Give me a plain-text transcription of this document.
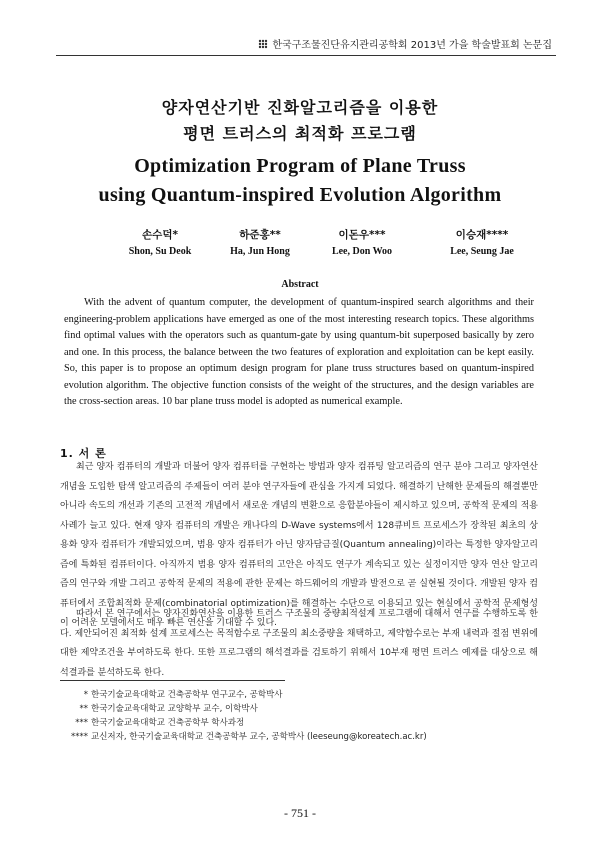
한국구조물진단유지관리공학회 2013년 가을 학술발표회 논문집
양자연산기반 진화알고리즘을 이용한
평면 트러스의 최적화 프로그램
Optimization Program of Plane Truss
using Quantum-inspired Evolution Algorithm
손수덕*
Shon, Su Deok
하준홍**
Ha, Jun Hong
이돈우***
Lee, Don Woo
이승재****
Lee, Seung Jae
Abstract
With the advent of quantum computer, the development of quantum-inspired search algorithms and their engineering-problem applications have emerged as one of the most interesting research topics. These algorithms find optimal values with the operators such as quantum-gate by using quantum-bit superposed basically by zero and one. In this process, the balance between the two features of exploration and exploitation can be kept easily. So, this paper is to propose an optimum design program for plane truss structures based on quantum-inspired evolution algorithm. The objective function consists of the weight of the structures, and the design variables are the cross-section areas. 10 bar plane truss model is adopted as numerical example.
1. 서 론
최근 양자 컴퓨터의 개발과 더불어 양자 컴퓨터를 구현하는 방법과 양자 컴퓨팅 알고리즘의 연구 분야 그리고 양자연산개념을 도입한 탐색 알고리즘의 주제들이 여러 분야 연구자들에 관심을 가지게 되었다. 해결하기 난해한 문제들의 해결뿐만 아니라 속도의 개선과 기존의 고전적 개념에서 새로운 개념의 변환으로 응합분야들이 제시하고 있으며, 공학적 문제의 적용사례가 늘고 있다. 현재 양자 컴퓨터의 개발은 캐나다의 D-Wave systems에서 128큐비트 프로세스가 장착된 최초의 상용화 양자 컴퓨터가 개발되었으며, 범용 양자 컴퓨터가 아닌 양자담금질(Quantum annealing)이라는 특정한 양자알고리즘에 특화된 컴퓨터이다. 아직까지 범용 양자 컴퓨터의 고안은 아직도 연구가 계속되고 있는 실정이지만 양자 연산 알고리즘의 연구와 개발 그리고 공학적 문제의 적용에 관한 문제는 하드웨어의 개발과 발전으로 곧 실현될 것이다. 개발된 양자 컴퓨터에서 조합최적화 문제(combinatorial optimization)를 해결하는 수단으로 이용되고 있는 현실에서 공학적 문제형성이 어려운 모델에서도 매우 빠른 연산을 기대할 수 있다.
따라서 본 연구에서는 양자진화연산을 이용한 트러스 구조물의 중량최적설계 프로그램에 대해서 연구를 수행하도록 한다. 제안되어진 최적화 설계 프로세스는 목적함수로 구조물의 최소중량을 채택하고, 제약함수로는 부재 내력과 절점 변위에 대한 제약조건을 부여하도록 한다. 또한 프로그램의 해석결과를 검토하기 위해서 10부재 평면 트러스 예제를 대상으로 해석결과를 분석하도록 한다.
* 한국기술교육대학교 건축공학부 연구교수, 공학박사
** 한국기술교육대학교 교양학부 교수, 이학박사
*** 한국기술교육대학교 건축공학부 학사과정
**** 교신저자, 한국기술교육대학교 건축공학부 교수, 공학박사 (leeseung@koreatech.ac.kr)
- 751 -
